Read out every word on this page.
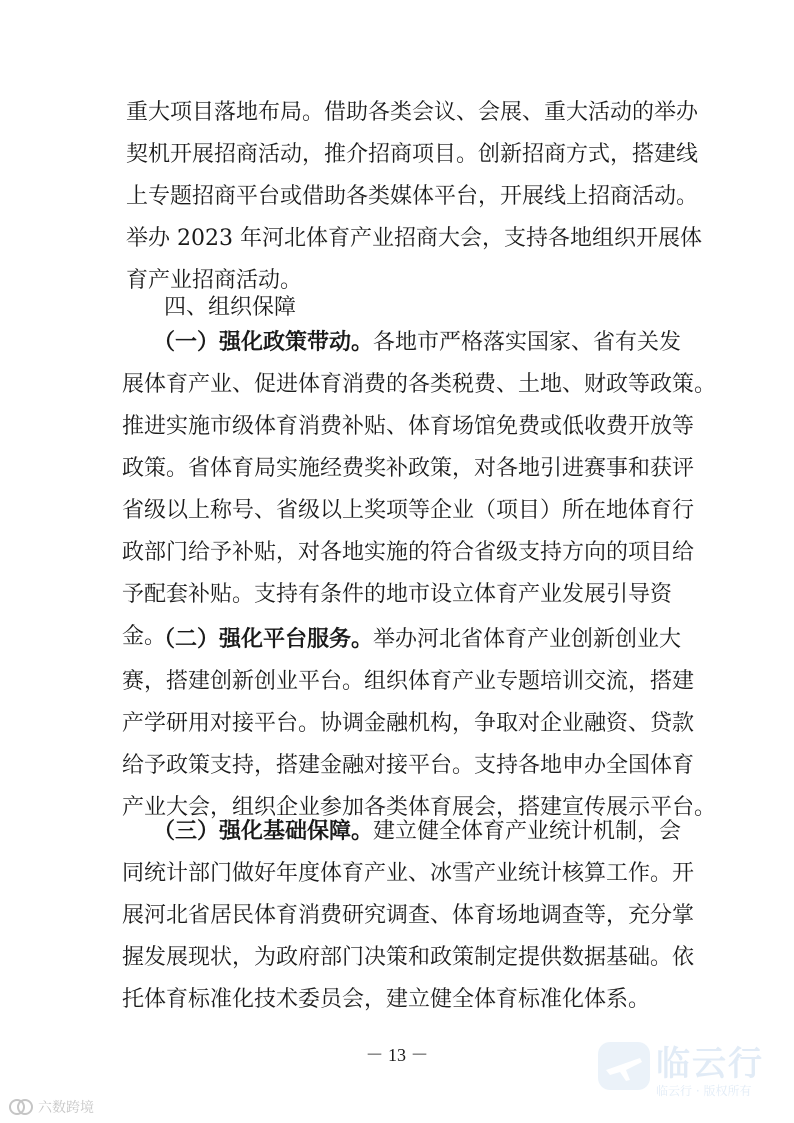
重大项目落地布局。借助各类会议、会展、重大活动的举办
契机开展招商活动，推介招商项目。创新招商方式，搭建线
上专题招商平台或借助各类媒体平台，开展线上招商活动。
举办 2023 年河北体育产业招商大会，支持各地组织开展体
育产业招商活动。
四、组织保障
（一）强化政策带动。各地市严格落实国家、省有关发
展体育产业、促进体育消费的各类税费、土地、财政等政策。
推进实施市级体育消费补贴、体育场馆免费或低收费开放等
政策。省体育局实施经费奖补政策，对各地引进赛事和获评
省级以上称号、省级以上奖项等企业（项目）所在地体育行
政部门给予补贴，对各地实施的符合省级支持方向的项目给
予配套补贴。支持有条件的地市设立体育产业发展引导资
金。
（二）强化平台服务。举办河北省体育产业创新创业大
赛，搭建创新创业平台。组织体育产业专题培训交流，搭建
产学研用对接平台。协调金融机构，争取对企业融资、贷款
给予政策支持，搭建金融对接平台。支持各地申办全国体育
产业大会，组织企业参加各类体育展会，搭建宣传展示平台。
（三）强化基础保障。建立健全体育产业统计机制，会
同统计部门做好年度体育产业、冰雪产业统计核算工作。开
展河北省居民体育消费研究调查、体育场地调查等，充分掌
握发展现状，为政府部门决策和政策制定提供数据基础。依
托体育标准化技术委员会，建立健全体育标准化体系。
－ 13 －
六数跨境
临云行
临云行 · 版权所有
